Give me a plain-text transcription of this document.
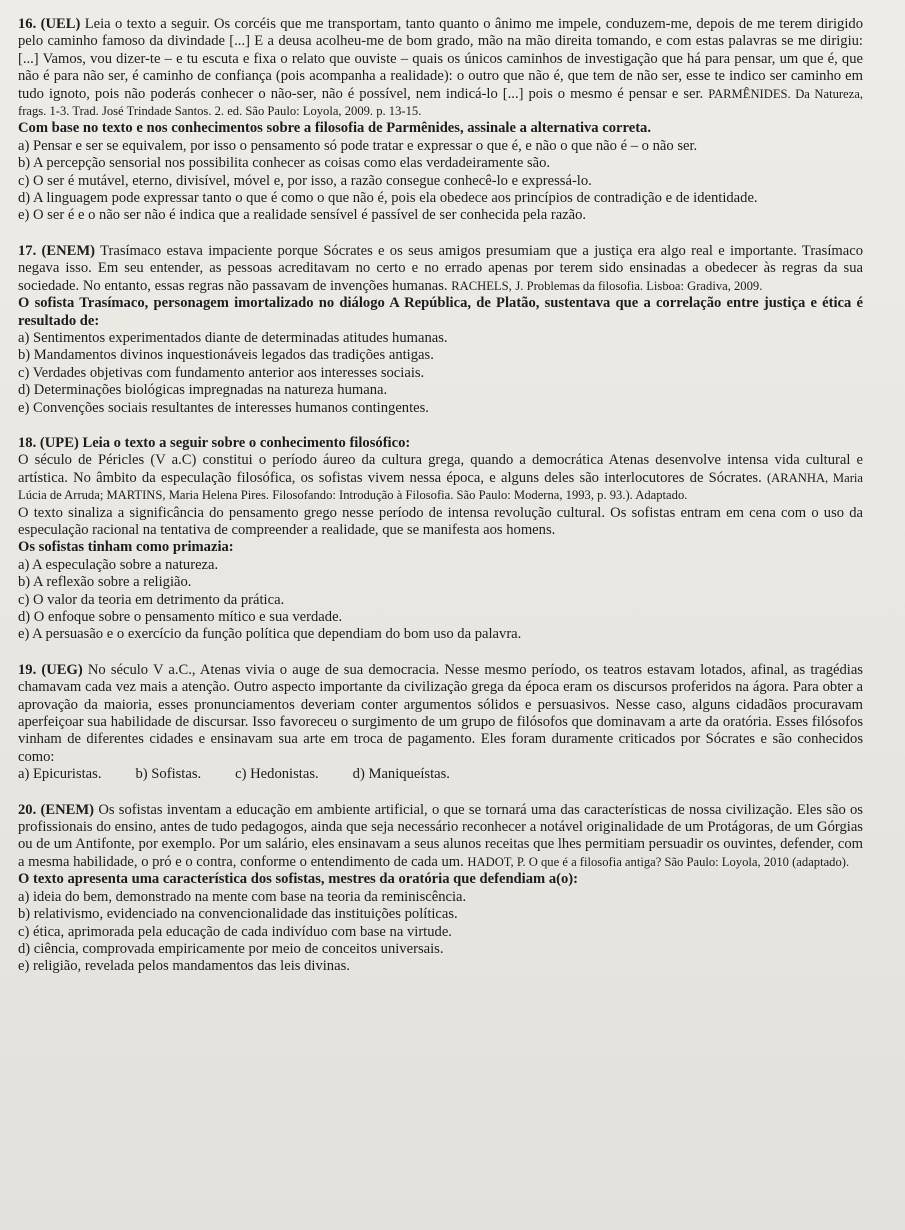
16. (UEL) Leia o texto a seguir. Os corcéis que me transportam, tanto quanto o ânimo me impele, conduzem-me, depois de me terem dirigido pelo caminho famoso da divindade [...] E a deusa acolheu-me de bom grado, mão na mão direita tomando, e com estas palavras se me dirigiu: [...] Vamos, vou dizer-te – e tu escuta e fixa o relato que ouviste – quais os únicos caminhos de investigação que há para pensar, um que é, que não é para não ser, é caminho de confiança (pois acompanha a realidade): o outro que não é, que tem de não ser, esse te indico ser caminho em tudo ignoto, pois não poderás conhecer o não-ser, não é possível, nem indicá-lo [...] pois o mesmo é pensar e ser. PARMÊNIDES. Da Natureza, frags. 1-3. Trad. José Trindade Santos. 2. ed. São Paulo: Loyola, 2009. p. 13-15.

Com base no texto e nos conhecimentos sobre a filosofia de Parmênides, assinale a alternativa correta.

a) Pensar e ser se equivalem, por isso o pensamento só pode tratar e expressar o que é, e não o que não é – o não ser.

b) A percepção sensorial nos possibilita conhecer as coisas como elas verdadeiramente são.

c) O ser é mutável, eterno, divisível, móvel e, por isso, a razão consegue conhecê-lo e expressá-lo.

d) A linguagem pode expressar tanto o que é como o que não é, pois ela obedece aos princípios de contradição e de identidade.

e) O ser é e o não ser não é indica que a realidade sensível é passível de ser conhecida pela razão.

17. (ENEM) Trasímaco estava impaciente porque Sócrates e os seus amigos presumiam que a justiça era algo real e importante. Trasímaco negava isso. Em seu entender, as pessoas acreditavam no certo e no errado apenas por terem sido ensinadas a obedecer às regras da sua sociedade. No entanto, essas regras não passavam de invenções humanas. RACHELS, J. Problemas da filosofia. Lisboa: Gradiva, 2009.

O sofista Trasímaco, personagem imortalizado no diálogo A República, de Platão, sustentava que a correlação entre justiça e ética é resultado de:

a) Sentimentos experimentados diante de determinadas atitudes humanas.

b) Mandamentos divinos inquestionáveis legados das tradições antigas.

c) Verdades objetivas com fundamento anterior aos interesses sociais.

d) Determinações biológicas impregnadas na natureza humana.

e) Convenções sociais resultantes de interesses humanos contingentes.

18. (UPE) Leia o texto a seguir sobre o conhecimento filosófico:

O século de Péricles (V a.C) constitui o período áureo da cultura grega, quando a democrática Atenas desenvolve intensa vida cultural e artística. No âmbito da especulação filosófica, os sofistas vivem nessa época, e alguns deles são interlocutores de Sócrates. (ARANHA, Maria Lúcia de Arruda; MARTINS, Maria Helena Pires. Filosofando: Introdução à Filosofia. São Paulo: Moderna, 1993, p. 93.). Adaptado.

O texto sinaliza a significância do pensamento grego nesse período de intensa revolução cultural. Os sofistas entram em cena com o uso da especulação racional na tentativa de compreender a realidade, que se manifesta aos homens.

Os sofistas tinham como primazia:

a) A especulação sobre a natureza.

b) A reflexão sobre a religião.

c) O valor da teoria em detrimento da prática.

d) O enfoque sobre o pensamento mítico e sua verdade.

e) A persuasão e o exercício da função política que dependiam do bom uso da palavra.

19. (UEG) No século V a.C., Atenas vivia o auge de sua democracia. Nesse mesmo período, os teatros estavam lotados, afinal, as tragédias chamavam cada vez mais a atenção. Outro aspecto importante da civilização grega da época eram os discursos proferidos na ágora. Para obter a aprovação da maioria, esses pronunciamentos deveriam conter argumentos sólidos e persuasivos. Nesse caso, alguns cidadãos procuravam aperfeiçoar sua habilidade de discursar. Isso favoreceu o surgimento de um grupo de filósofos que dominavam a arte da oratória. Esses filósofos vinham de diferentes cidades e ensinavam sua arte em troca de pagamento. Eles foram duramente criticados por Sócrates e são conhecidos como:

a) Epicuristas. b) Sofistas. c) Hedonistas. d) Maniqueístas.

20. (ENEM) Os sofistas inventam a educação em ambiente artificial, o que se tornará uma das características de nossa civilização. Eles são os profissionais do ensino, antes de tudo pedagogos, ainda que seja necessário reconhecer a notável originalidade de um Protágoras, de um Górgias ou de um Antifonte, por exemplo. Por um salário, eles ensinavam a seus alunos receitas que lhes permitiam persuadir os ouvintes, defender, com a mesma habilidade, o pró e o contra, conforme o entendimento de cada um. HADOT, P. O que é a filosofia antiga? São Paulo: Loyola, 2010 (adaptado).

O texto apresenta uma característica dos sofistas, mestres da oratória que defendiam a(o):

a) ideia do bem, demonstrado na mente com base na teoria da reminiscência.

b) relativismo, evidenciado na convencionalidade das instituições políticas.

c) ética, aprimorada pela educação de cada indivíduo com base na virtude.

d) ciência, comprovada empiricamente por meio de conceitos universais.

e) religião, revelada pelos mandamentos das leis divinas.
